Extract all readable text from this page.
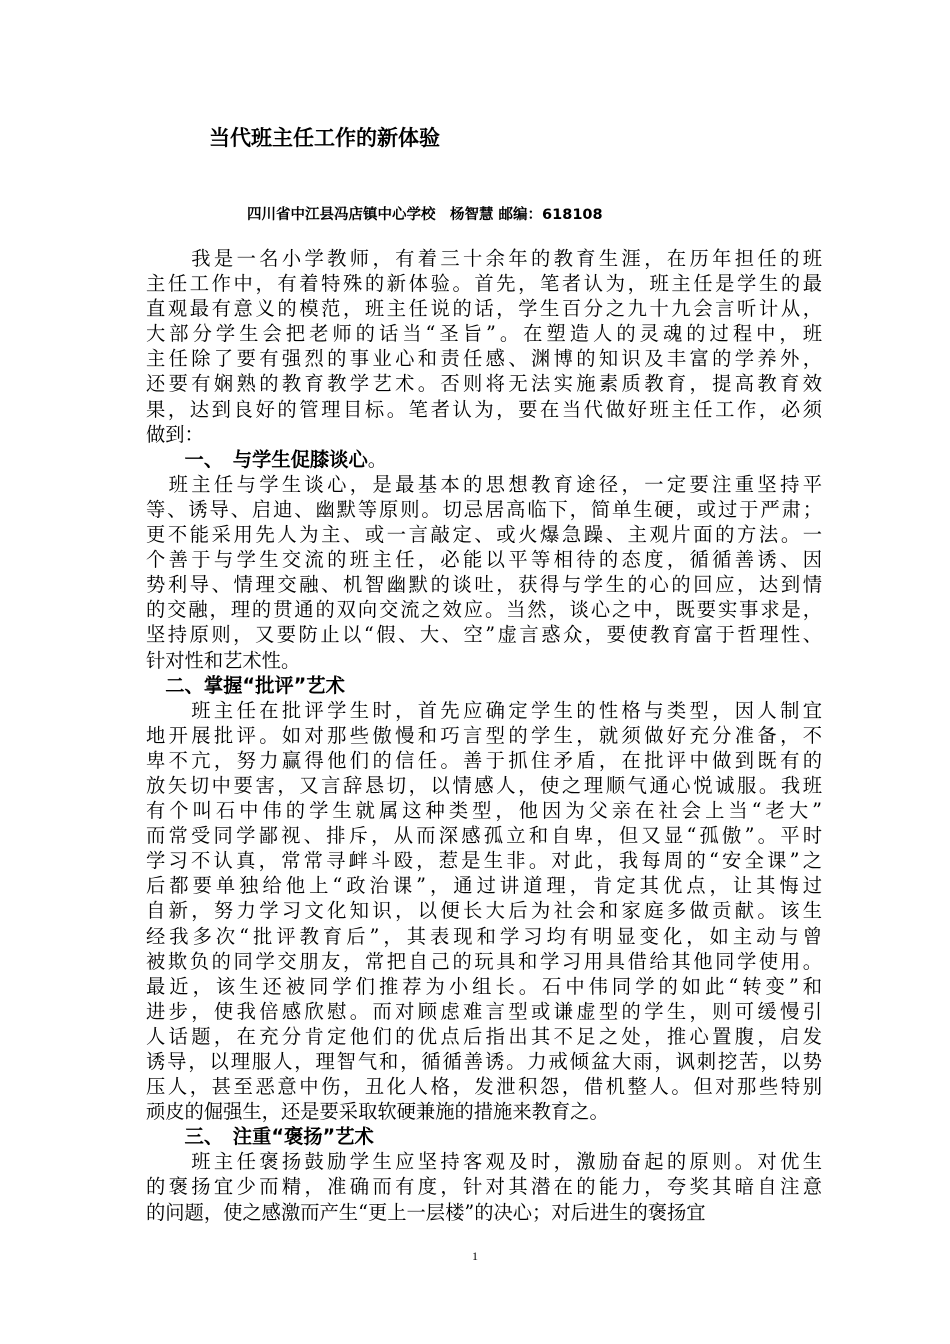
当代班主任工作的新体验
四川省中江县冯店镇中心学校　杨智慧 邮编：618108
　　我是一名小学教师，有着三十余年的教育生涯，在历年担任的班
主任工作中，有着特殊的新体验。首先，笔者认为，班主任是学生的最
直观最有意义的模范，班主任说的话，学生百分之九十九会言听计从，
大部分学生会把老师的话当“圣旨”。在塑造人的灵魂的过程中，班
主任除了要有强烈的事业心和责任感、渊博的知识及丰富的学养外，
还要有娴熟的教育教学艺术。否则将无法实施素质教育，提高教育效
果，达到良好的管理目标。笔者认为，要在当代做好班主任工作，必须
做到：
　　一、　 与学生促膝谈心。
　班主任与学生谈心，是最基本的思想教育途径，一定要注重坚持平
等、诱导、启迪、幽默等原则。切忌居高临下，简单生硬，或过于严肃；
更不能采用先人为主、或一言敲定、或火爆急躁、主观片面的方法。一
个善于与学生交流的班主任，必能以平等相待的态度，循循善诱、因
势利导、情理交融、机智幽默的谈吐，获得与学生的心的回应，达到情
的交融，理的贯通的双向交流之效应。当然，谈心之中，既要实事求是，
坚持原则，又要防止以“假、大、空”虚言惑众，要使教育富于哲理性、
针对性和艺术性。
　二、掌握“批评”艺术
　　班主任在批评学生时，首先应确定学生的性格与类型，因人制宜
地开展批评。如对那些傲慢和巧言型的学生，就须做好充分准备，不
卑不亢，努力赢得他们的信任。善于抓住矛盾，在批评中做到既有的
放矢切中要害，又言辞恳切，以情感人，使之理顺气通心悦诚服。我班
有个叫石中伟的学生就属这种类型，他因为父亲在社会上当“老大”
而常受同学鄙视、排斥，从而深感孤立和自卑，但又显“孤傲”。平时
学习不认真，常常寻衅斗殴，惹是生非。对此，我每周的“安全课”之
后都要单独给他上“政治课”，通过讲道理，肯定其优点，让其悔过
自新，努力学习文化知识，以便长大后为社会和家庭多做贡献。该生
经我多次“批评教育后”，其表现和学习均有明显变化，如主动与曾
被欺负的同学交朋友，常把自己的玩具和学习用具借给其他同学使用。
最近，该生还被同学们推荐为小组长。石中伟同学的如此“转变”和
进步，使我倍感欣慰。而对顾虑难言型或谦虚型的学生，则可缓慢引
人话题，在充分肯定他们的优点后指出其不足之处，推心置腹，启发
诱导，以理服人，理智气和，循循善诱。力戒倾盆大雨，讽刺挖苦，以势
压人，甚至恶意中伤，丑化人格，发泄积怨，借机整人。但对那些特别
顽皮的倔强生，还是要采取软硬兼施的措施来教育之。
　　三、　注重“褒扬”艺术
　　班主任褒扬鼓励学生应坚持客观及时，激励奋起的原则。对优生
的褒扬宜少而精，准确而有度，针对其潜在的能力，夸奖其暗自注意
的问题，使之感激而产生“更上一层楼”的决心；对后进生的褒扬宜
1
